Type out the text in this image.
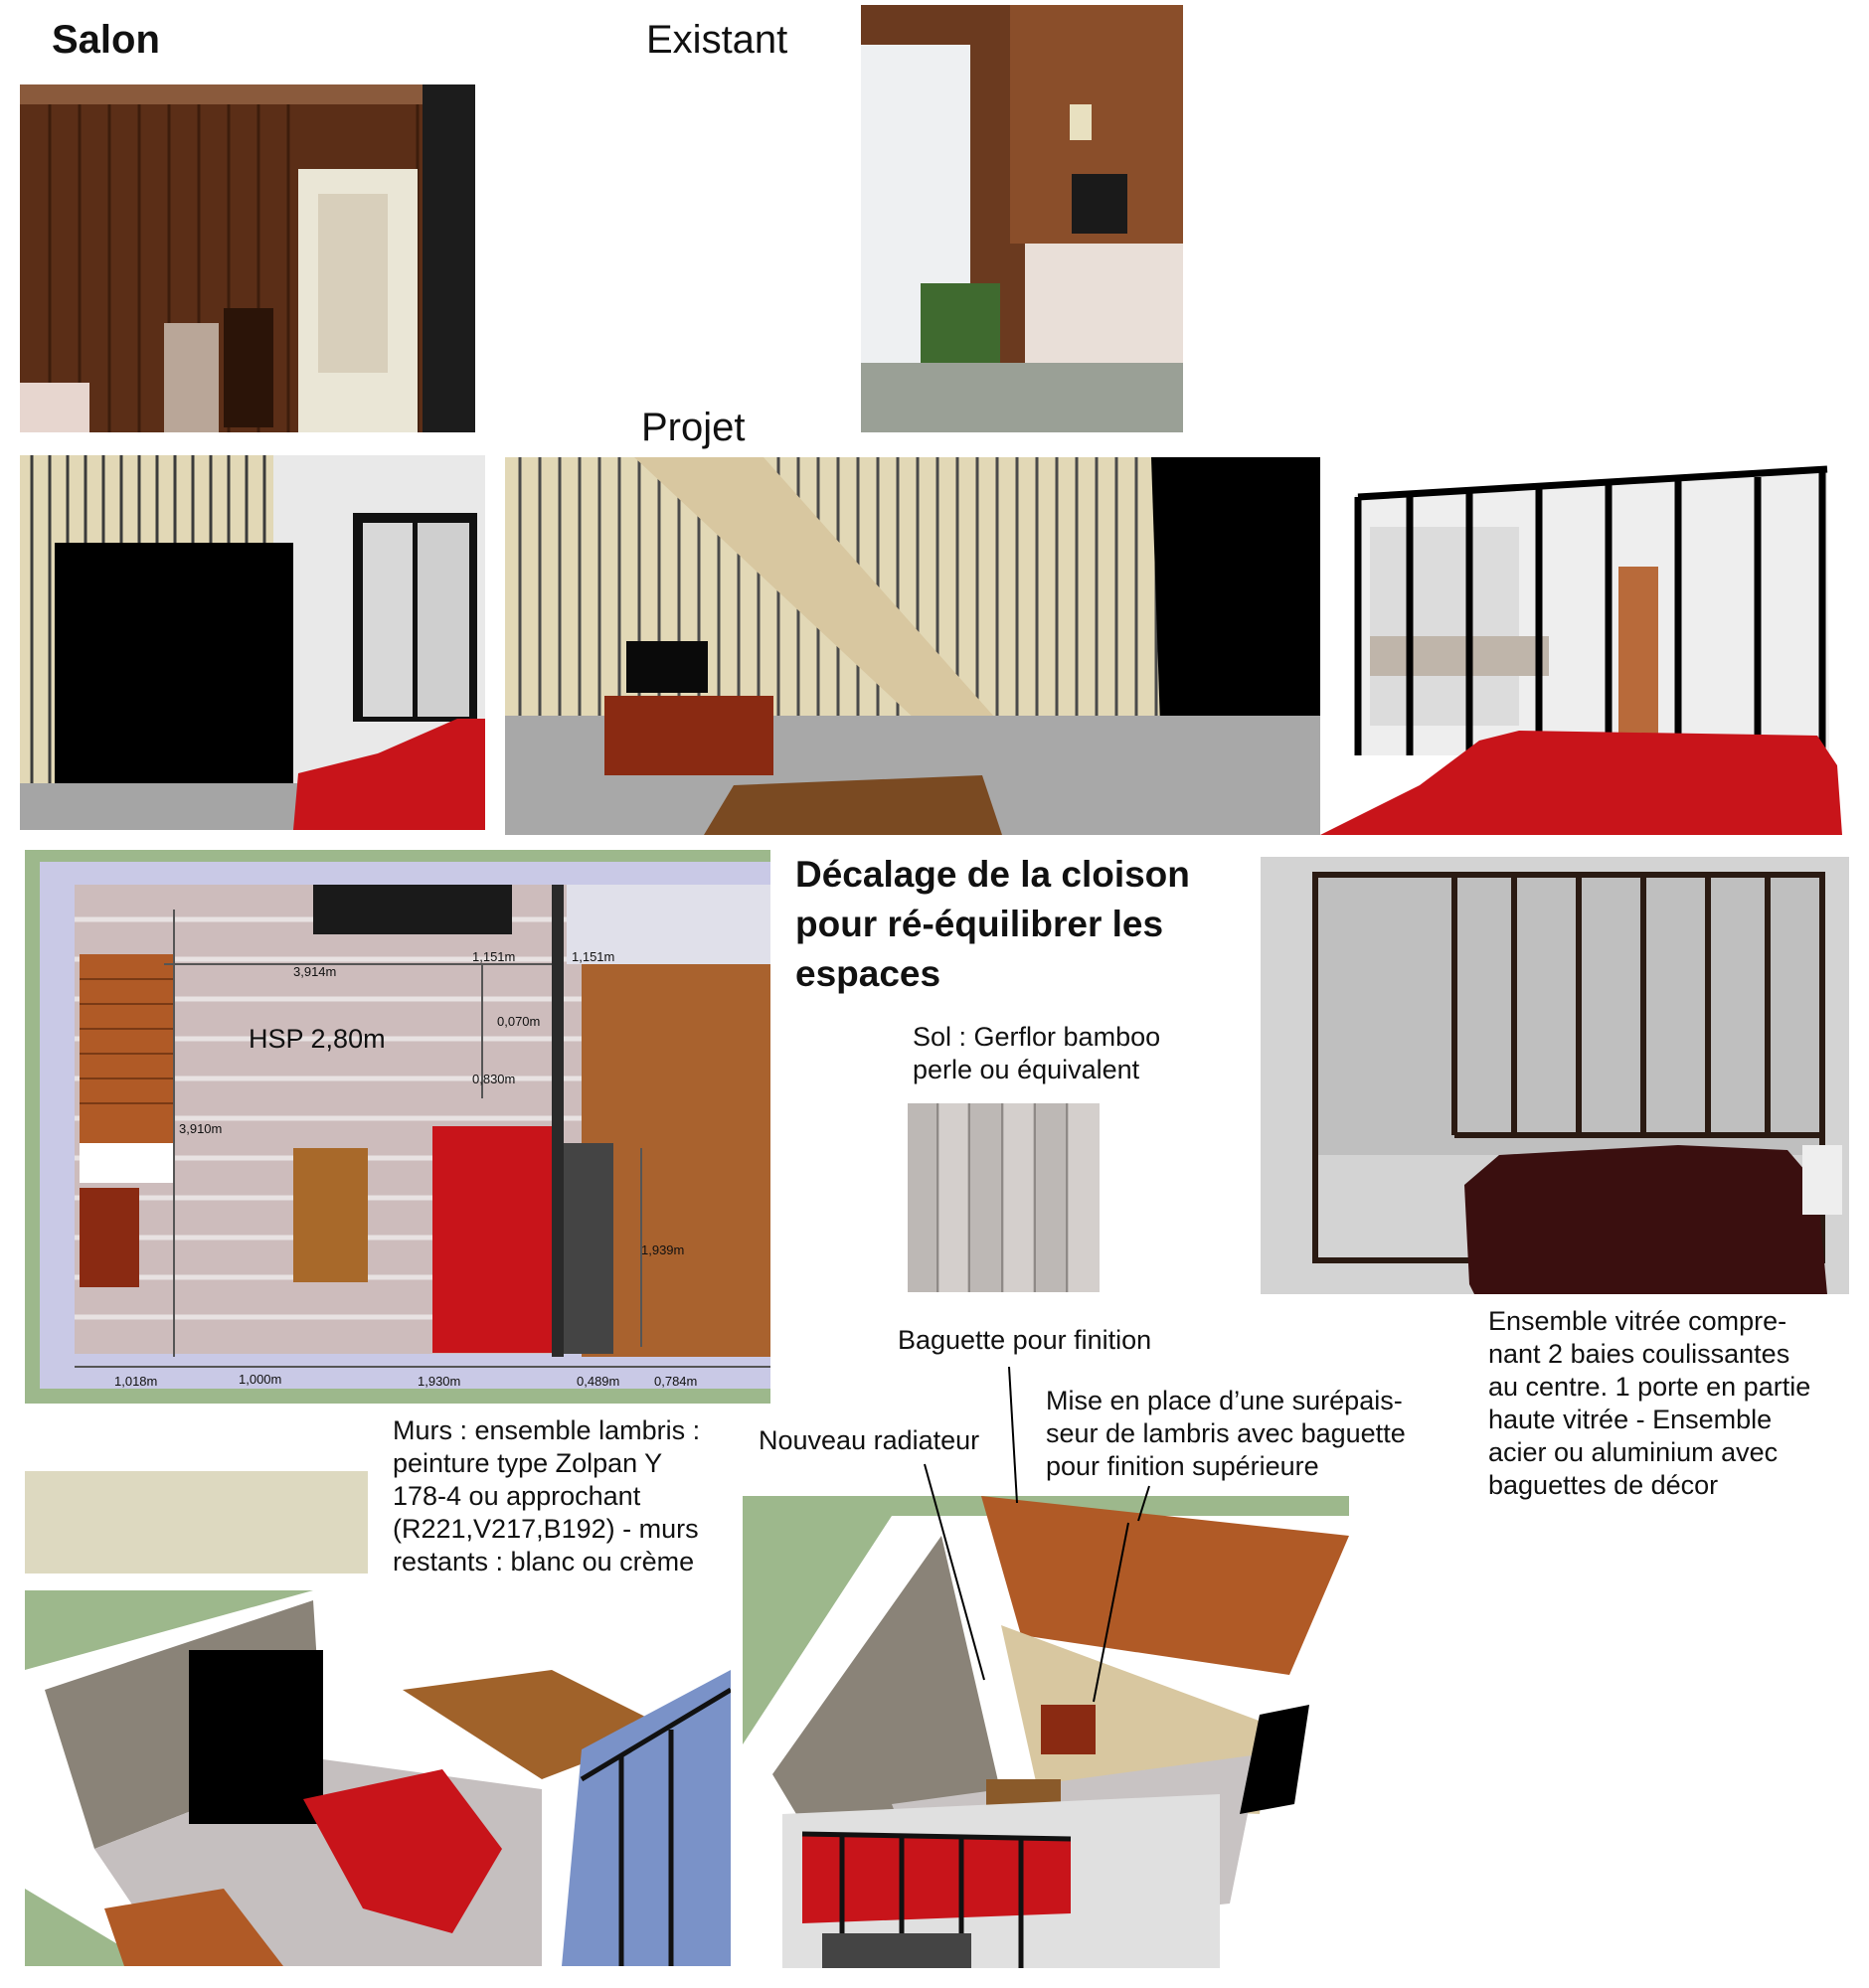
Salon	Existant
Projet
HSP 2,80m
3,914m
1,151m	1,151m
0,070m
0,830m
3,910m
1,939m
1,018m	1,000m	1,930m	0,489m	0,784m
Décalage de la cloison pour ré-équilibrer les espaces
Sol : Gerflor bamboo perle ou équivalent
Ensemble vitrée compre-nant 2 baies coulissantes au centre. 1 porte en partie haute vitrée - Ensemble acier ou aluminium avec baguettes de décor
Murs : ensemble lambris : peinture type Zolpan Y 178-4 ou approchant (R221,V217,B192) - murs restants : blanc ou crème
Baguette pour finition
Nouveau radiateur
Mise en place d’une surépais-seur de lambris avec baguette pour finition supérieure
